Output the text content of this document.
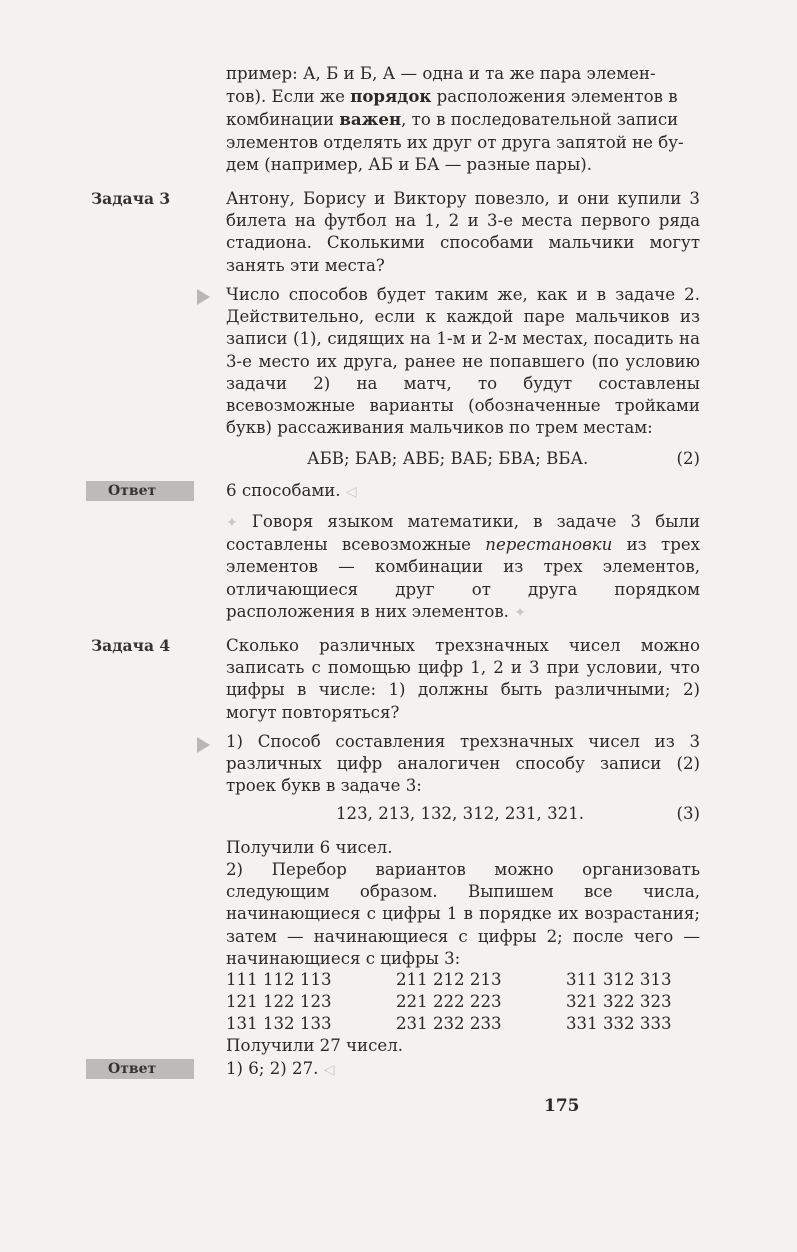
пример: А, Б и Б, А — одна и та же пара элемен-
тов). Если же порядок расположения элементов в
комбинации важен, то в последовательной записи
элементов отделять их друг от друга запятой не бу-
дем (например, АБ и БА — разные пары).
Задача 3	Антону, Борису и Виктору повезло, и они купили 3 билета на футбол на 1, 2 и 3-е места первого ряда стадиона. Сколькими способами мальчики могут занять эти места?

Число способов будет таким же, как и в задаче 2. Действительно, если к каждой паре мальчиков из записи (1), сидящих на 1-м и 2-м местах, посадить на 3-е место их друга, ранее не попавшего (по условию задачи 2) на матч, то будут составлены всевозможные варианты (обозначенные тройками букв) рассаживания мальчиков по трем местам:

АБВ; БАВ; АВБ; ВАБ; БВА; ВБА.	(2)
Ответ	6 способами. ◁

✦ Говоря языком математики, в задаче 3 были составлены всевозможные перестановки из трех элементов — комбинации из трех элементов, отличающиеся друг от друга порядком расположения в них элементов. ✦

Задача 4	Сколько различных трехзначных чисел можно записать с помощью цифр 1, 2 и 3 при условии, что цифры в числе: 1) должны быть различными; 2) могут повторяться?

1) Способ составления трехзначных чисел из 3 различных цифр аналогичен способу записи (2) троек букв в задаче 3:

123, 213, 132, 312, 231, 321.	(3)

Получили 6 чисел.

2) Перебор вариантов можно организовать следующим образом. Выпишем все числа, начинающиеся с цифры 1 в порядке их возрастания; затем — начинающиеся с цифры 2; после чего — начинающиеся с цифры 3:

111 112 113	211 212 213	311 312 313
121 122 123	221 222 223	321 322 323
131 132 133	231 232 233	331 332 333

Получили 27 чисел.

Ответ	1) 6; 2) 27. ◁

175
